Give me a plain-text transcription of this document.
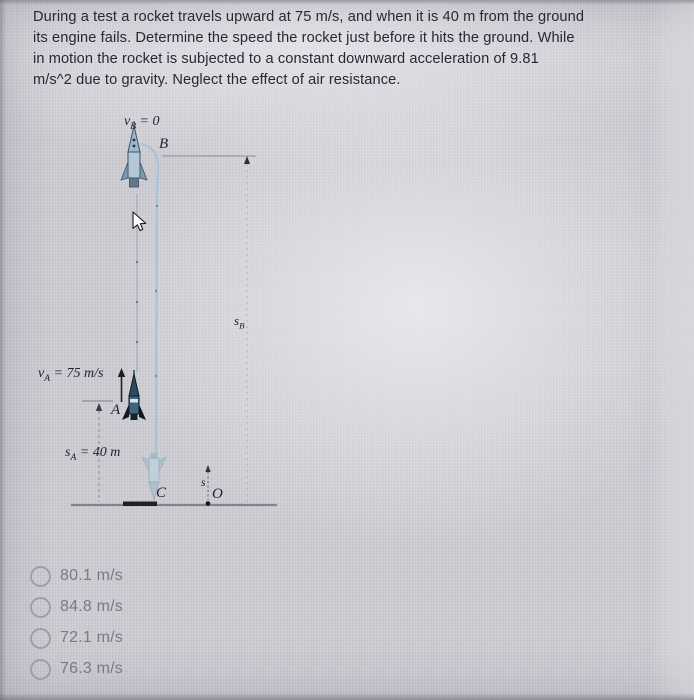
During a test a rocket travels upward at 75 m/s, and when it is 40 m from the ground
its engine fails. Determine the speed the rocket just before it hits the ground. While
in motion the rocket is subjected to a constant downward acceleration of 9.81
m/s^2 due to gravity. Neglect the effect of air resistance.
$v_B = 0$
B
$s_B$
$v_A = 75$ m/s
A
$s_A = 40$ m
C
s
O
80.1 m/s
84.8 m/s
72.1 m/s
76.3 m/s
